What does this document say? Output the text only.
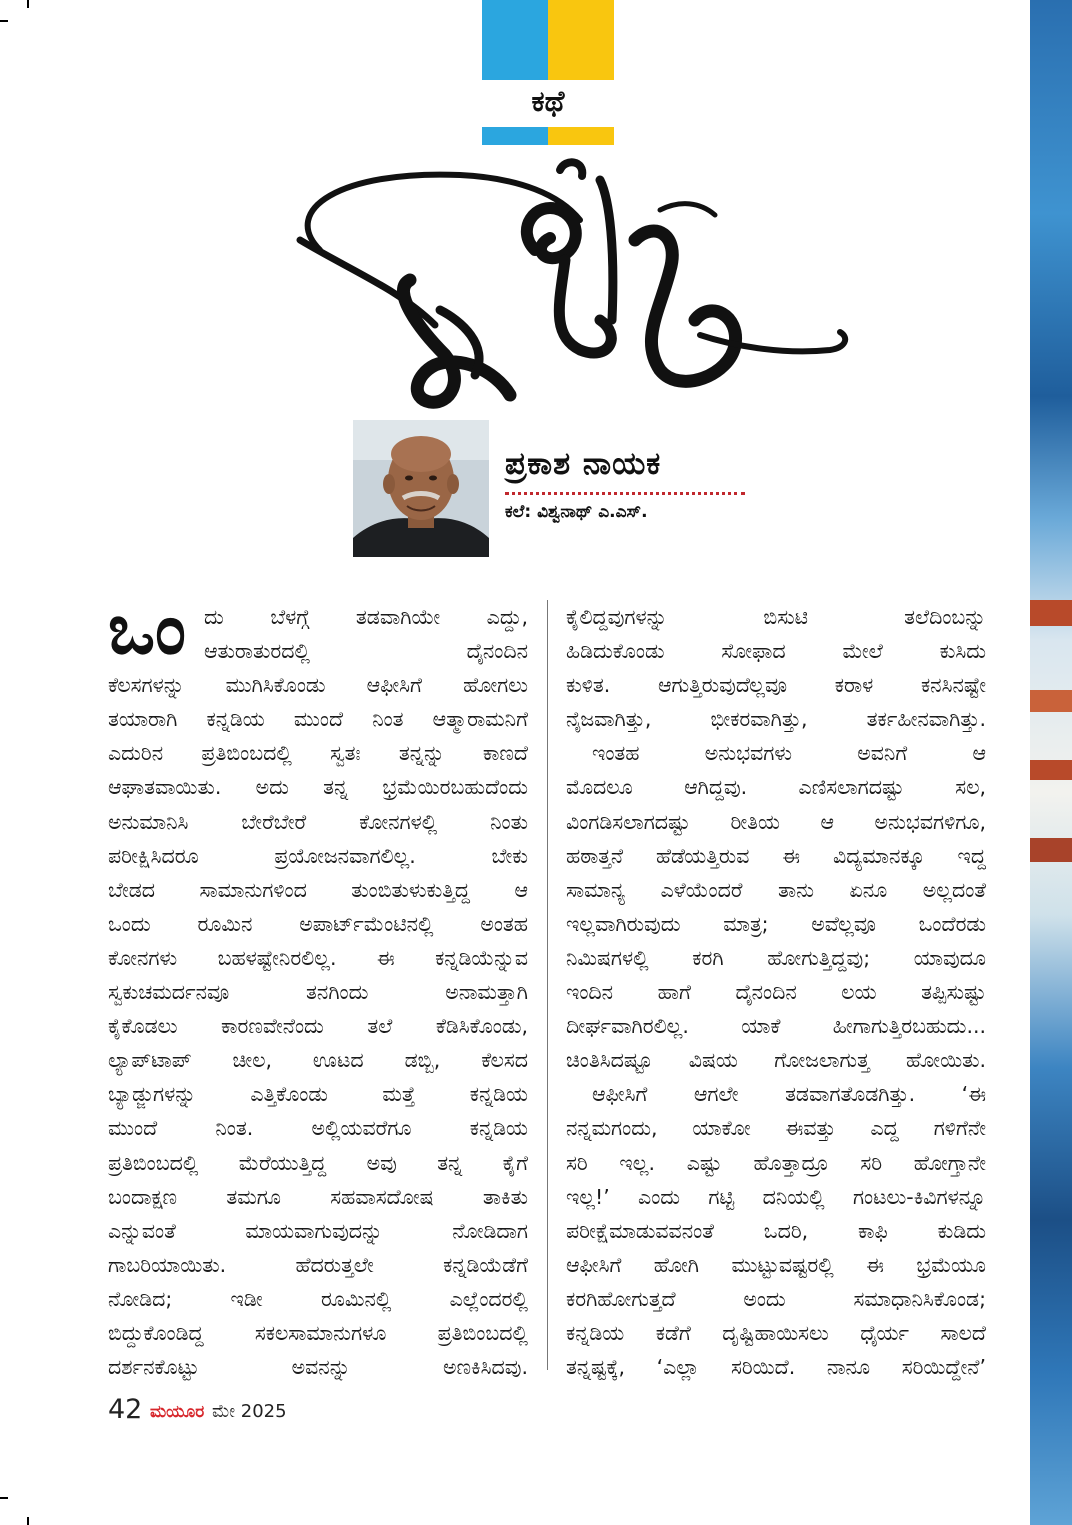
ಕಥೆ
ಪ್ರಕಾಶ ನಾಯಕ
ಕಲೆ: ವಿಶ್ವನಾಥ್ ಎ.ಎಸ್.
ಒಂ ದು ಬೆಳಗ್ಗೆ ತಡವಾಗಿಯೇ ಎದ್ದು,
ಆತುರಾತುರದಲ್ಲಿ ದೈನಂದಿನ
ಕೆಲಸಗಳನ್ನು ಮುಗಿಸಿಕೊಂಡು ಆಫೀಸಿಗೆ ಹೋಗಲು
ತಯಾರಾಗಿ ಕನ್ನಡಿಯ ಮುಂದೆ ನಿಂತ ಆತ್ಮಾರಾಮನಿಗೆ
ಎದುರಿನ ಪ್ರತಿಬಿಂಬದಲ್ಲಿ ಸ್ವತಃ ತನ್ನನ್ನು ಕಾಣದೆ
ಆಘಾತವಾಯಿತು. ಅದು ತನ್ನ ಭ್ರಮೆಯಿರಬಹುದೆಂದು
ಅನುಮಾನಿಸಿ ಬೇರೆಬೇರೆ ಕೋನಗಳಲ್ಲಿ ನಿಂತು
ಪರೀಕ್ಷಿಸಿದರೂ ಪ್ರಯೋಜನವಾಗಲಿಲ್ಲ. ಬೇಕು
ಬೇಡದ ಸಾಮಾನುಗಳಿಂದ ತುಂಬಿತುಳುಕುತ್ತಿದ್ದ ಆ
ಒಂದು ರೂಮಿನ ಅಪಾರ್ಟ್‌ಮೆಂಟಿನಲ್ಲಿ ಅಂತಹ
ಕೋನಗಳು ಬಹಳಷ್ಟೇನಿರಲಿಲ್ಲ. ಈ ಕನ್ನಡಿಯೆನ್ನುವ
ಸ್ವಕುಚಮರ್ದನವೂ ತನಗಿಂದು ಅನಾಮತ್ತಾಗಿ
ಕೈಕೊಡಲು ಕಾರಣವೇನೆಂದು ತಲೆ ಕೆಡಿಸಿಕೊಂಡು,
ಲ್ಯಾಪ್‌ಟಾಪ್ ಚೀಲ, ಊಟದ ಡಬ್ಬಿ, ಕೆಲಸದ
ಬ್ಯಾಡ್ಜುಗಳನ್ನು ಎತ್ತಿಕೊಂಡು ಮತ್ತೆ ಕನ್ನಡಿಯ
ಮುಂದೆ ನಿಂತ. ಅಲ್ಲಿಯವರೆಗೂ ಕನ್ನಡಿಯ
ಪ್ರತಿಬಿಂಬದಲ್ಲಿ ಮೆರೆಯುತ್ತಿದ್ದ ಅವು ತನ್ನ ಕೈಗೆ
ಬಂದಾಕ್ಷಣ ತಮಗೂ ಸಹವಾಸದೋಷ ತಾಕಿತು
ಎನ್ನುವಂತೆ ಮಾಯವಾಗುವುದನ್ನು ನೋಡಿದಾಗ
ಗಾಬರಿಯಾಯಿತು. ಹೆದರುತ್ತಲೇ ಕನ್ನಡಿಯೆಡೆಗೆ
ನೋಡಿದ; ಇಡೀ ರೂಮಿನಲ್ಲಿ ಎಲ್ಲೆಂದರಲ್ಲಿ
ಬಿದ್ದುಕೊಂಡಿದ್ದ ಸಕಲಸಾಮಾನುಗಳೂ ಪ್ರತಿಬಿಂಬದಲ್ಲಿ
ದರ್ಶನಕೊಟ್ಟು ಅವನನ್ನು ಅಣಕಿಸಿದವು.
ಕೈಲಿದ್ದವುಗಳನ್ನು ಬಿಸುಟಿ ತಲೆದಿಂಬನ್ನು
ಹಿಡಿದುಕೊಂಡು ಸೋಫಾದ ಮೇಲೆ ಕುಸಿದು
ಕುಳಿತ. ಆಗುತ್ತಿರುವುದೆಲ್ಲವೂ ಕರಾಳ ಕನಸಿನಷ್ಟೇ
ನೈಜವಾಗಿತ್ತು, ಭೀಕರವಾಗಿತ್ತು, ತರ್ಕಹೀನವಾಗಿತ್ತು.
ಇಂತಹ ಅನುಭವಗಳು ಅವನಿಗೆ ಆ
ಮೊದಲೂ ಆಗಿದ್ದವು. ಎಣಿಸಲಾಗದಷ್ಟು ಸಲ,
ವಿಂಗಡಿಸಲಾಗದಷ್ಟು ರೀತಿಯ ಆ ಅನುಭವಗಳಿಗೂ,
ಹಠಾತ್ತನೆ ಹೆಡೆಯತ್ತಿರುವ ಈ ವಿದ್ಯಮಾನಕ್ಕೂ ಇದ್ದ
ಸಾಮಾನ್ಯ ಎಳೆಯೆಂದರೆ ತಾನು ಏನೂ ಅಲ್ಲದಂತೆ
ಇಲ್ಲವಾಗಿರುವುದು ಮಾತ್ರ; ಅವೆಲ್ಲವೂ ಒಂದೆರಡು
ನಿಮಿಷಗಳಲ್ಲಿ ಕರಗಿ ಹೋಗುತ್ತಿದ್ದವು; ಯಾವುದೂ
ಇಂದಿನ ಹಾಗೆ ದೈನಂದಿನ ಲಯ ತಪ್ಪಿಸುಷ್ಟು
ದೀರ್ಘವಾಗಿರಲಿಲ್ಲ. ಯಾಕೆ ಹೀಗಾಗುತ್ತಿರಬಹುದು...
ಚಿಂತಿಸಿದಷ್ಟೂ ವಿಷಯ ಗೋಜಲಾಗುತ್ತ ಹೋಯಿತು.
ಆಫೀಸಿಗೆ ಆಗಲೇ ತಡವಾಗತೊಡಗಿತ್ತು. ‘ಈ
ನನ್ನಮಗಂದು, ಯಾಕೋ ಈವತ್ತು ಎದ್ದ ಗಳಿಗೆನೇ
ಸರಿ ಇಲ್ಲ. ಎಷ್ಟು ಹೊತ್ತಾದ್ರೂ ಸರಿ ಹೋಗ್ತಾನೇ
ಇಲ್ಲ!’ ಎಂದು ಗಟ್ಟಿ ದನಿಯಲ್ಲಿ ಗಂಟಲು-ಕಿವಿಗಳನ್ನೂ
ಪರೀಕ್ಷೆಮಾಡುವವನಂತೆ ಒದರಿ, ಕಾಫಿ ಕುಡಿದು
ಆಫೀಸಿಗೆ ಹೋಗಿ ಮುಟ್ಟುವಷ್ಟರಲ್ಲಿ ಈ ಭ್ರಮೆಯೂ
ಕರಗಿಹೋಗುತ್ತದೆ ಅಂದು ಸಮಾಧಾನಿಸಿಕೊಂಡ;
ಕನ್ನಡಿಯ ಕಡೆಗೆ ದೃಷ್ಟಿಹಾಯಿಸಲು ಧೈರ್ಯ ಸಾಲದೆ
ತನ್ನಷ್ಟಕ್ಕೆ, ‘ಎಲ್ಲಾ ಸರಿಯಿದೆ. ನಾನೂ ಸರಿಯಿದ್ದೇನೆ’
42 ಮಯೂರ ಮೇ 2025
